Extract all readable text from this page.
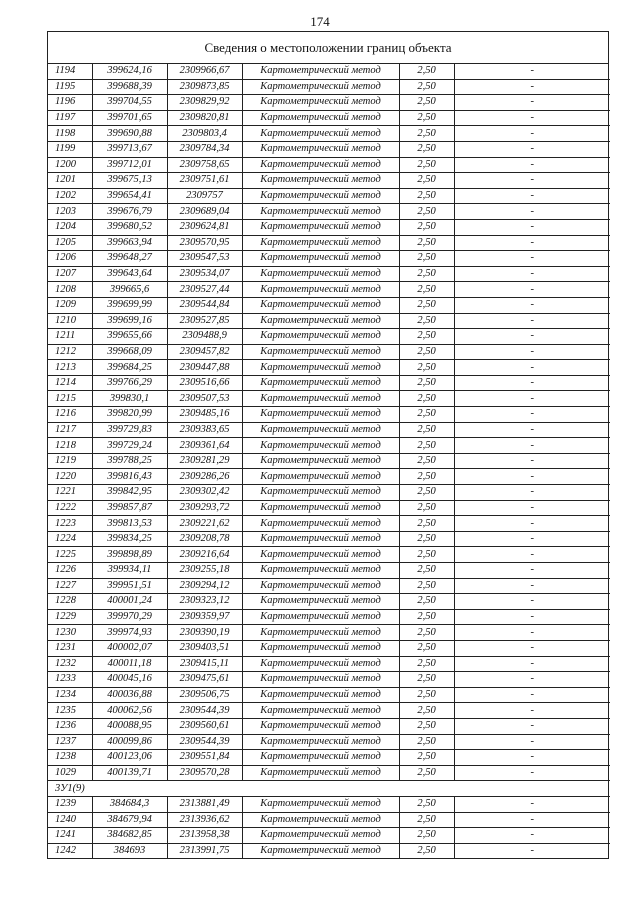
174
Сведения о местоположении границ объекта
1194	399624,16	2309966,67	Картометрический метод	2,50	-
1195	399688,39	2309873,85	Картометрический метод	2,50	-
1196	399704,55	2309829,92	Картометрический метод	2,50	-
1197	399701,65	2309820,81	Картометрический метод	2,50	-
1198	399690,88	2309803,4	Картометрический метод	2,50	-
1199	399713,67	2309784,34	Картометрический метод	2,50	-
1200	399712,01	2309758,65	Картометрический метод	2,50	-
1201	399675,13	2309751,61	Картометрический метод	2,50	-
1202	399654,41	2309757	Картометрический метод	2,50	-
1203	399676,79	2309689,04	Картометрический метод	2,50	-
1204	399680,52	2309624,81	Картометрический метод	2,50	-
1205	399663,94	2309570,95	Картометрический метод	2,50	-
1206	399648,27	2309547,53	Картометрический метод	2,50	-
1207	399643,64	2309534,07	Картометрический метод	2,50	-
1208	399665,6	2309527,44	Картометрический метод	2,50	-
1209	399699,99	2309544,84	Картометрический метод	2,50	-
1210	399699,16	2309527,85	Картометрический метод	2,50	-
1211	399655,66	2309488,9	Картометрический метод	2,50	-
1212	399668,09	2309457,82	Картометрический метод	2,50	-
1213	399684,25	2309447,88	Картометрический метод	2,50	-
1214	399766,29	2309516,66	Картометрический метод	2,50	-
1215	399830,1	2309507,53	Картометрический метод	2,50	-
1216	399820,99	2309485,16	Картометрический метод	2,50	-
1217	399729,83	2309383,65	Картометрический метод	2,50	-
1218	399729,24	2309361,64	Картометрический метод	2,50	-
1219	399788,25	2309281,29	Картометрический метод	2,50	-
1220	399816,43	2309286,26	Картометрический метод	2,50	-
1221	399842,95	2309302,42	Картометрический метод	2,50	-
1222	399857,87	2309293,72	Картометрический метод	2,50	-
1223	399813,53	2309221,62	Картометрический метод	2,50	-
1224	399834,25	2309208,78	Картометрический метод	2,50	-
1225	399898,89	2309216,64	Картометрический метод	2,50	-
1226	399934,11	2309255,18	Картометрический метод	2,50	-
1227	399951,51	2309294,12	Картометрический метод	2,50	-
1228	400001,24	2309323,12	Картометрический метод	2,50	-
1229	399970,29	2309359,97	Картометрический метод	2,50	-
1230	399974,93	2309390,19	Картометрический метод	2,50	-
1231	400002,07	2309403,51	Картометрический метод	2,50	-
1232	400011,18	2309415,11	Картометрический метод	2,50	-
1233	400045,16	2309475,61	Картометрический метод	2,50	-
1234	400036,88	2309506,75	Картометрический метод	2,50	-
1235	400062,56	2309544,39	Картометрический метод	2,50	-
1236	400088,95	2309560,61	Картометрический метод	2,50	-
1237	400099,86	2309544,39	Картометрический метод	2,50	-
1238	400123,06	2309551,84	Картометрический метод	2,50	-
1029	400139,71	2309570,28	Картометрический метод	2,50	-
3У1(9)					
1239	384684,3	2313881,49	Картометрический метод	2,50	-
1240	384679,94	2313936,62	Картометрический метод	2,50	-
1241	384682,85	2313958,38	Картометрический метод	2,50	-
1242	384693	2313991,75	Картометрический метод	2,50	-
